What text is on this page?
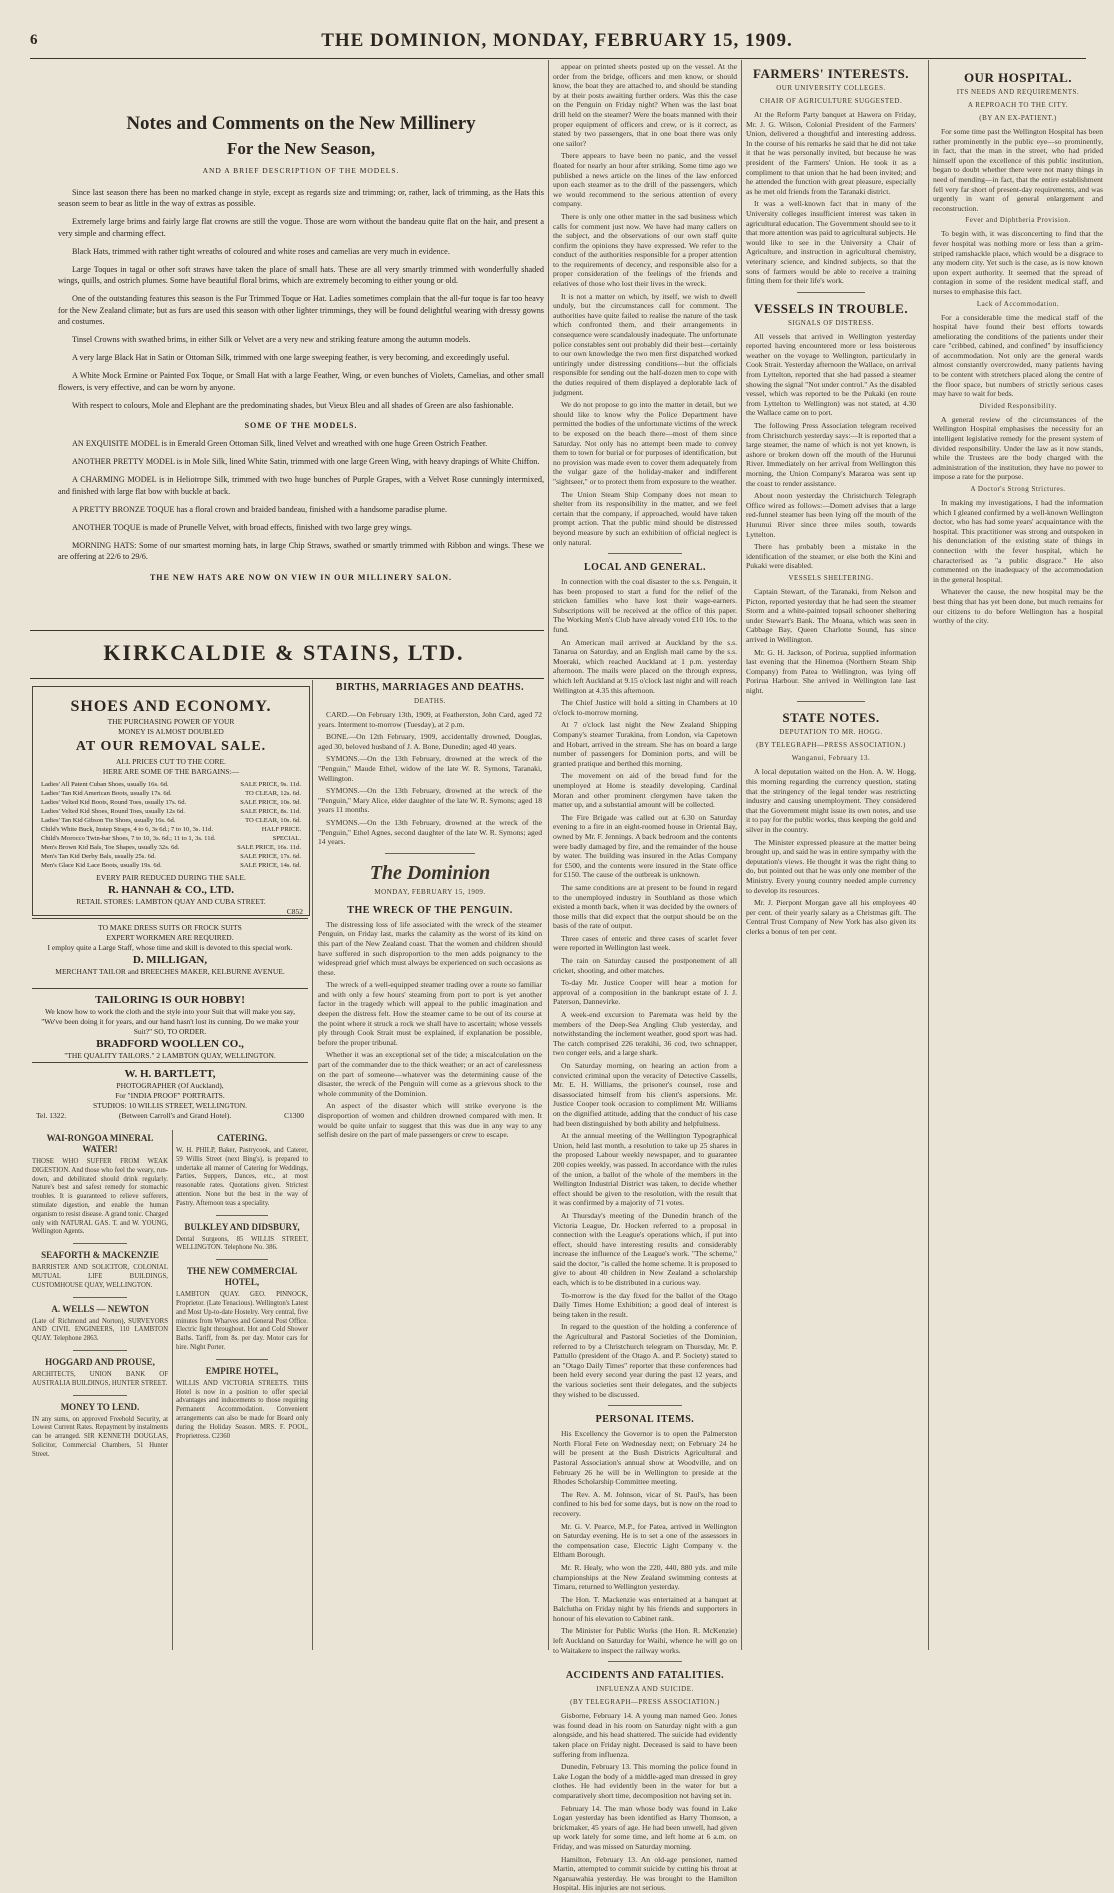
6	THE DOMINION, MONDAY, FEBRUARY 15, 1909.
Notes and Comments on the New Millinery
For the New Season,
AND A BRIEF DESCRIPTION OF THE MODELS.
Since last season there has been no marked change in style, except as regards size and trimming; or, rather, lack of trimming, as the Hats this season seem to bear as little in the way of extras as possible.
Extremely large brims and fairly large flat crowns are still the vogue. Those are worn without the bandeau quite flat on the hair, and present a very simple and charming effect.
Black Hats, trimmed with rather tight wreaths of coloured and white roses and camelias are very much in evidence.
Large Toques in tagal or other soft straws have taken the place of small hats. These are all very smartly trimmed with wonderfully shaded wings, quills, and ostrich plumes. Some have beautiful floral brims, which are extremely becoming to either young or old.
One of the outstanding features this season is the Fur Trimmed Toque or Hat. Ladies sometimes complain that the all-fur toque is far too heavy for the New Zealand climate; but as furs are used this season with other lighter trimmings, they will be found delightful wearing with dressy gowns and costumes.
Tinsel Crowns with swathed brims, in either Silk or Velvet are a very new and striking feature among the autumn models.
A very large Black Hat in Satin or Ottoman Silk, trimmed with one large sweeping feather, is very becoming, and exceedingly useful.
A White Mock Ermine or Painted Fox Toque, or Small Hat with a large Feather, Wing, or even bunches of Violets, Camelias, and other small flowers, is very effective, and can be worn by anyone.
With respect to colours, Mole and Elephant are the predominating shades, but Vieux Bleu and all shades of Green are also fashionable.
SOME OF THE MODELS.
AN EXQUISITE MODEL is in Emerald Green Ottoman Silk, lined Velvet and wreathed with one huge Green Ostrich Feather.
ANOTHER PRETTY MODEL is in Mole Silk, lined White Satin, trimmed with one large Green Wing, with heavy drapings of White Chiffon.
A CHARMING MODEL is in Heliotrope Silk, trimmed with two huge bunches of Purple Grapes, with a Velvet Rose cunningly intermixed, and finished with large flat bow with buckle at back.
A PRETTY BRONZE TOQUE has a floral crown and braided bandeau, finished with a handsome paradise plume.
ANOTHER TOQUE is made of Prunelle Velvet, with broad effects, finished with two large grey wings.
MORNING HATS: Some of our smartest morning hats, in large Chip Straws, swathed or smartly trimmed with Ribbon and wings. These we are offering at 22/6 to 29/6.
THE NEW HATS ARE NOW ON VIEW IN OUR MILLINERY SALON.
KIRKCALDIE & STAINS, LTD.
SHOES AND ECONOMY.
THE PURCHASING POWER OF YOUR
MONEY IS ALMOST DOUBLED
AT OUR REMOVAL SALE.
ALL PRICES CUT TO THE CORE.
HERE ARE SOME OF THE BARGAINS:—
Ladies' All Patent Cuban Shoes, usually 16s. 6d.	SALE PRICE, 9s. 11d.
Ladies' Tan Kid American Boots, usually 17s. 6d.	TO CLEAR, 12s. 6d.
Ladies' Velted Kid Boots, Round Toes, usually 17s. 6d.	SALE PRICE, 10s. 9d.
Ladies' Velted Kid Shoes, Round Toes, usually 12s 6d.	SALE PRICE, 8s. 11d.
Ladies' Tan Kid Gibson Tie Shoes, usually 16s. 6d.	TO CLEAR, 10s. 6d.
Child's White Buck, Instep Straps, 4 to 6, 3s 6d.; 7 to 10, 3s. 11d.	HALF PRICE.
Child's Morocco Twin-bar Shoes, 7 to 10, 3s. 6d.; 11 to 1, 3s. 11d.	SPECIAL.
Men's Brown Kid Bals, Toe Shapes, usually 32s. 6d.	SALE PRICE, 16s. 11d.
Men's Tan Kid Derby Bals, usually 25s. 6d.	SALE PRICE, 17s. 6d.
Men's Glace Kid Lace Boots, usually 19s. 6d.	SALE PRICE, 14s. 6d.
EVERY PAIR REDUCED DURING THE SALE.
R. HANNAH & CO., LTD.
RETAIL STORES: LAMBTON QUAY AND CUBA STREET.
C852
TO MAKE DRESS SUITS OR FROCK SUITS
EXPERT WORKMEN ARE REQUIRED.
I employ quite a Large Staff, whose time and skill is devoted to this special work.
D. MILLIGAN,
MERCHANT TAILOR and BREECHES MAKER, KELBURNE AVENUE.
TAILORING IS OUR HOBBY!
We know how to work the cloth and the style into your Suit that will make you say, "We've been doing it for years, and our hand hasn't lost its cunning. Do we make your Suit?" SO, TO ORDER.
BRADFORD WOOLLEN CO.,
"THE QUALITY TAILORS." 2 LAMBTON QUAY, WELLINGTON.
W. H. BARTLETT,
PHOTOGRAPHER (Of Auckland),
For "INDIA PROOF" PORTRAITS.
STUDIOS: 10 WILLIS STREET, WELLINGTON.
Tel. 1322.	(Between Carroll's and Grand Hotel).	C1300
WAI-RONGOA MINERAL WATER!
THOSE WHO SUFFER FROM WEAK DIGESTION. And those who feel the weary, run-down, and debilitated should drink regularly. Nature's best and safest remedy for stomachic troubles. It is guaranteed to relieve sufferers, stimulate digestion, and enable the human organism to resist disease. A grand tonic. Charged only with NATURAL GAS. T. and W. YOUNG, Wellington Agents.
SEAFORTH & MACKENZIE
BARRISTER AND SOLICITOR, COLONIAL MUTUAL LIFE BUILDINGS, CUSTOMHOUSE QUAY, WELLINGTON.
A. WELLS — NEWTON
(Late of Richmond and Norton), SURVEYORS AND CIVIL ENGINEERS, 110 LAMBTON QUAY. Telephone 2863.
HOGGARD AND PROUSE,
ARCHITECTS, UNION BANK OF AUSTRALIA BUILDINGS, HUNTER STREET.
MONEY TO LEND.
IN any sums, on approved Freehold Security, at Lowest Current Rates. Repayment by instalments can be arranged. SIR KENNETH DOUGLAS, Solicitor, Commercial Chambers, 51 Hunter Street.
CATERING.
W. H. PHILP, Baker, Pastrycook, and Caterer, 59 Willis Street (next Bing's), is prepared to undertake all manner of Catering for Weddings, Parties, Suppers, Dances, etc., at most reasonable rates. Quotations given. Strictest attention. None but the best in the way of Pastry. Afternoon teas a speciality.
BULKLEY AND DIDSBURY,
Dental Surgeons, 85 WILLIS STREET, WELLINGTON. Telephone No. 386.
THE NEW COMMERCIAL HOTEL,
LAMBTON QUAY. GEO. PINNOCK, Proprietor. (Late Tenacious). Wellington's Latest and Most Up-to-date Hostelry. Very central, five minutes from Wharves and General Post Office. Electric light throughout. Hot and Cold Shower Baths. Tariff, from 8s. per day. Motor cars for hire. Night Porter.
EMPIRE HOTEL,
WILLIS AND VICTORIA STREETS. THIS Hotel is now in a position to offer special advantages and inducements to those requiring Permanent Accommodation. Convenient arrangements can also be made for Board only during the Holiday Season. MRS. F. POOL, Proprietress. C2360
BIRTHS, MARRIAGES AND DEATHS.
DEATHS.

CARD.—On February 13th, 1909, at Featherston, John Card, aged 72 years. Interment to-morrow (Tuesday), at 2 p.m.

BONE.—On 12th February, 1909, accidentally drowned, Douglas, aged 30, beloved husband of J. A. Bone, Dunedin; aged 40 years.

SYMONS.—On the 13th February, drowned at the wreck of the "Penguin," Maude Ethel, widow of the late W. R. Symons, Taranaki, Wellington.

SYMONS.—On the 13th February, drowned at the wreck of the "Penguin," Mary Alice, elder daughter of the late W. R. Symons; aged 18 years 11 months.

SYMONS.—On the 13th February, drowned at the wreck of the "Penguin," Ethel Agnes, second daughter of the late W. R. Symons; aged 14 years.

The Dominion
MONDAY, FEBRUARY 15, 1909.
THE WRECK OF THE PENGUIN.

The distressing loss of life associated with the wreck of the steamer Penguin, on Friday last, marks the calamity as the worst of its kind on this part of the New Zealand coast. That the women and children should have suffered in such disproportion to the men adds poignancy to the widespread grief which must always be experienced on such occasions as these.

The wreck of a well-equipped steamer trading over a route so familiar and with only a few hours' steaming from port to port is yet another factor in the tragedy which will appeal to the public imagination and deepen the distress felt. How the steamer came to be out of its course at the point where it struck a rock we shall have to ascertain; whose vessels ply through Cook Strait must be explained, if explanation be possible, before the proper tribunal.

Whether it was an exceptional set of the tide; a miscalculation on the part of the commander due to the thick weather; or an act of carelessness on the part of someone—whatever was the determining cause of the disaster, the wreck of the Penguin will come as a grievous shock to the whole community of the Dominion.

An aspect of the disaster which will strike everyone is the disproportion of women and children drowned compared with men. It would be quite unfair to suggest that this was due in any way to any selfish desire on the part of male passengers or crew to escape.

appear on printed sheets posted up on the vessel. At the order from the bridge, officers and men know, or should know, the boat they are attached to, and should be standing by at their posts awaiting further orders. Was this the case on the Penguin on Friday night? When was the last boat drill held on the steamer? Were the boats manned with their proper equipment of officers and crew, or is it correct, as stated by two passengers, that in one boat there was only one sailor?

There appears to have been no panic, and the vessel floated for nearly an hour after striking. Some time ago we published a news article on the lines of the law enforced upon each steamer as to the drill of the passengers, which we would recommend to the serious attention of every company.

There is only one other matter in the sad business which calls for comment just now. We have had many callers on the subject, and the observations of our own staff quite confirm the opinions they have expressed. We refer to the conduct of the authorities responsible for a proper attention to the requirements of decency, and responsible also for a proper consideration of the feelings of the friends and relatives of those who lost their lives in the wreck.

It is not a matter on which, by itself, we wish to dwell unduly, but the circumstances call for comment. The authorities have quite failed to realise the nature of the task which confronted them, and their arrangements in consequence were scandalously inadequate. The unfortunate police constables sent out probably did their best—certainly to our own knowledge the two men first dispatched worked untiringly under distressing conditions—but the officials responsible for sending out the half-dozen men to cope with the duties required of them displayed a deplorable lack of judgment.

We do not propose to go into the matter in detail, but we should like to know why the Police Department have permitted the bodies of the unfortunate victims of the wreck to be exposed on the beach there—most of them since Saturday. Not only has no attempt been made to convey them to town for burial or for purposes of identification, but no provision was made even to cover them adequately from the vulgar gaze of the holiday-maker and indifferent "sightseer," or to protect them from exposure to the weather.

The Union Steam Ship Company does not mean to shelter from its responsibility in the matter, and we feel certain that the company, if approached, would have taken prompt action. That the public mind should be distressed beyond measure by such an exhibition of official neglect is only natural.

LOCAL AND GENERAL.

In connection with the coal disaster to the s.s. Penguin, it has been proposed to start a fund for the relief of the stricken families who have lost their wage-earners. Subscriptions will be received at the office of this paper. The Working Men's Club have already voted £10 10s. to the fund.

An American mail arrived at Auckland by the s.s. Tanarua on Saturday, and an English mail came by the s.s. Moeraki, which reached Auckland at 1 p.m. yesterday afternoon. The mails were placed on the through express, which left Auckland at 9.15 o'clock last night and will reach Wellington at 4.35 this afternoon.

The Chief Justice will hold a sitting in Chambers at 10 o'clock to-morrow morning.

At 7 o'clock last night the New Zealand Shipping Company's steamer Turakina, from London, via Capetown and Hobart, arrived in the stream. She has on board a large number of passengers for Dominion ports, and will be granted pratique and berthed this morning.

The movement on aid of the bread fund for the unemployed at Home is steadily developing. Cardinal Moran and other prominent clergymen have taken the matter up, and a substantial amount will be collected.

The Fire Brigade was called out at 6.30 on Saturday evening to a fire in an eight-roomed house in Oriental Bay, owned by Mr. F. Jennings. A back bedroom and the contents were badly damaged by fire, and the remainder of the house by water. The building was insured in the Atlas Company for £500, and the contents were insured in the State office for £150. The cause of the outbreak is unknown.

The same conditions are at present to be found in regard to the unemployed industry in Southland as those which existed a month back, when it was decided by the owners of those mills that did expect that the output should be on the basis of the rate of output.

Three cases of enteric and three cases of scarlet fever were reported in Wellington last week.

The rain on Saturday caused the postponement of all cricket, shooting, and other matches.

To-day Mr. Justice Cooper will hear a motion for approval of a composition in the bankrupt estate of J. J. Paterson, Dannevirke.

A week-end excursion to Paremata was held by the members of the Deep-Sea Angling Club yesterday, and notwithstanding the inclement weather, good sport was had. The catch comprised 226 terakihi, 36 cod, two schnapper, two conger eels, and a large shark.

On Saturday morning, on hearing an action from a convicted criminal upon the veracity of Detective Cassells, Mr. E. H. Williams, the prisoner's counsel, rose and disassociated himself from his client's aspersions. Mr. Justice Cooper took occasion to compliment Mr. Williams on the dignified attitude, adding that the conduct of his case had been distinguished by both ability and helpfulness.

At the annual meeting of the Wellington Typographical Union, held last month, a resolution to take up 25 shares in the proposed Labour weekly newspaper, and to guarantee 200 copies weekly, was passed. In accordance with the rules of the union, a ballot of the whole of the members in the Wellington Industrial District was taken, to decide whether effect should be given to the resolution, with the result that it was confirmed by a majority of 71 votes.

At Thursday's meeting of the Dunedin branch of the Victoria League, Dr. Hocken referred to a proposal in connection with the League's operations which, if put into effect, should have interesting results and considerably increase the influence of the League's work. "The scheme," said the doctor, "is called the home scheme. It is proposed to give to about 40 children in New Zealand a scholarship each, which is to be distributed in a curious way.

To-morrow is the day fixed for the ballot of the Otago Daily Times Home Exhibition; a good deal of interest is being taken in the result.

In regard to the question of the holding a conference of the Agricultural and Pastoral Societies of the Dominion, referred to by a Christchurch telegram on Thursday, Mr. P. Pattullo (president of the Otago A. and P. Society) stated to an "Otago Daily Times" reporter that these conferences had been held every second year during the past 12 years, and the various societies sent their delegates, and the subjects they wished to be discussed.

PERSONAL ITEMS.

His Excellency the Governor is to open the Palmerston North Floral Fete on Wednesday next; on February 24 he will be present at the Bush Districts Agricultural and Pastoral Association's annual show at Woodville, and on February 26 he will be in Wellington to preside at the Rhodes Scholarship Committee meeting.

The Rev. A. M. Johnson, vicar of St. Paul's, has been confined to his bed for some days, but is now on the road to recovery.

Mr. G. V. Pearce, M.P., for Patea, arrived in Wellington on Saturday evening. He is to set a one of the assessors in the compensation case, Electric Light Company v. the Eltham Borough.

Mr. R. Healy, who won the 220, 440, 880 yds. and mile championships at the New Zealand swimming contests at Timaru, returned to Wellington yesterday.

The Hon. T. Mackenzie was entertained at a banquet at Balclutha on Friday night by his friends and supporters in honour of his elevation to Cabinet rank.

The Minister for Public Works (the Hon. R. McKenzie) left Auckland on Saturday for Waihi, whence he will go on to Waitakere to inspect the railway works.

ACCIDENTS AND FATALITIES.
INFLUENZA AND SUICIDE.
(BY TELEGRAPH—PRESS ASSOCIATION.)

Gisborne, February 14. A young man named Geo. Jones was found dead in his room on Saturday night with a gun alongside, and his head shattered. The suicide had evidently taken place on Friday night. Deceased is said to have been suffering from influenza.

Dunedin, February 13. This morning the police found in Lake Logan the body of a middle-aged man dressed in grey clothes. He had evidently been in the water for but a comparatively short time, decomposition not having set in.

February 14. The man whose body was found in Lake Logan yesterday has been identified as Harry Thomson, a brickmaker, 45 years of age. He had been unwell, had given up work lately for some time, and left home at 6 a.m. on Friday, and was missed on Saturday morning.

Hamilton, February 13. An old-age pensioner, named Martin, attempted to commit suicide by cutting his throat at Ngaruawahia yesterday. He was brought to the Hamilton Hospital. His injuries are not serious.

FARMERS' INTERESTS.
OUR UNIVERSITY COLLEGES.
CHAIR OF AGRICULTURE SUGGESTED.

At the Reform Party banquet at Hawera on Friday, Mr. J. G. Wilson, Colonial President of the Farmers' Union, delivered a thoughtful and interesting address. In the course of his remarks he said that he did not take it that he was personally invited, but because he was president of the Farmers' Union. He took it as a compliment to that union that he had been invited; and he attended the function with great pleasure, especially as he met old friends from the Taranaki district.

It was a well-known fact that in many of the University colleges insufficient interest was taken in agricultural education. The Government should see to it that more attention was paid to agricultural subjects. He would like to see in the University a Chair of Agriculture, and instruction in agricultural chemistry, veterinary science, and kindred subjects, so that the sons of farmers would be able to receive a training fitting them for their life's work.

VESSELS IN TROUBLE.
SIGNALS OF DISTRESS.

All vessels that arrived in Wellington yesterday reported having encountered more or less boisterous weather on the voyage to Wellington, particularly in Cook Strait. Yesterday afternoon the Wallace, on arrival from Lyttelton, reported that she had passed a steamer showing the signal "Not under control." As the disabled vessel, which was reported to be the Pukaki (en route from Lyttelton to Wellington) was not stated, at 4.30 the Wallace came on to port.

The following Press Association telegram received from Christchurch yesterday says:—It is reported that a large steamer, the name of which is not yet known, is ashore or broken down off the mouth of the Hurunui River. Immediately on her arrival from Wellington this morning, the Union Company's Mararoa was sent up the coast to render assistance.

About noon yesterday the Christchurch Telegraph Office wired as follows:—Domett advises that a large red-funnel steamer has been lying off the mouth of the Hurunui River since three miles south, towards Lyttelton.

There has probably been a mistake in the identification of the steamer, or else both the Kini and Pukaki were disabled.

VESSELS SHELTERING.

Captain Stewart, of the Taranaki, from Nelson and Picton, reported yesterday that he had seen the steamer Storm and a white-painted topsail schooner sheltering under Stewart's Bank. The Moana, which was seen in Cabbage Bay, Queen Charlotte Sound, has since arrived in Wellington.

Mr. G. H. Jackson, of Porirua, supplied information last evening that the Hinemoa (Northern Steam Ship Company) from Patea to Wellington, was lying off Porirua Harbour. She arrived in Wellington late last night.

STATE NOTES.
DEPUTATION TO MR. HOGG.
(BY TELEGRAPH—PRESS ASSOCIATION.)
Wanganui, February 13.

A local deputation waited on the Hon. A. W. Hogg, this morning regarding the currency question, stating that the stringency of the legal tender was restricting industry and causing unemployment. They considered that the Government might issue its own notes, and use it to pay for the public works, thus keeping the gold and silver in the country.

The Minister expressed pleasure at the matter being brought up, and said he was in entire sympathy with the deputation's views. He thought it was the right thing to do, but pointed out that he was only one member of the Ministry. Every young country needed ample currency to develop its resources.

Mr. J. Pierpont Morgan gave all his employees 40 per cent. of their yearly salary as a Christmas gift. The Central Trust Company of New York has also given its clerks a bonus of ten per cent.

OUR HOSPITAL.
ITS NEEDS AND REQUIREMENTS.
A REPROACH TO THE CITY.
(BY AN EX-PATIENT.)

For some time past the Wellington Hospital has been rather prominently in the public eye—so prominently, in fact, that the man in the street, who had prided himself upon the excellence of this public institution, began to doubt whether there were not many things in need of mending—in fact, that the entire establishment fell very far short of present-day requirements, and was urgently in want of general enlargement and reconstruction.

Fever and Diphtheria Provision.

To begin with, it was disconcerting to find that the fever hospital was nothing more or less than a grim-striped ramshackle place, which would be a disgrace to any modern city. Yet such is the case, as is now known upon expert authority. It seemed that the spread of contagion in some of the resident medical staff, and nurses to emphasise this fact.

Lack of Accommodation.

For a considerable time the medical staff of the hospital have found their best efforts towards ameliorating the conditions of the patients under their care "cribbed, cabined, and confined" by insufficiency of accommodation. Not only are the general wards almost constantly overcrowded, many patients having to be content with stretchers placed along the centre of the floor space, but numbers of strictly serious cases may have to wait for beds.

Divided Responsibility.

A general review of the circumstances of the Wellington Hospital emphasises the necessity for an intelligent legislative remedy for the present system of divided responsibility. Under the law as it now stands, while the Trustees are the body charged with the administration of the institution, they have no power to impose a rate for the purpose.

A Doctor's Strong Strictures.

In making my investigations, I had the information which I gleaned confirmed by a well-known Wellington doctor, who has had some years' acquaintance with the hospital. This practitioner was strong and outspoken in his denunciation of the existing state of things in connection with the fever hospital, which he characterised as "a public disgrace." He also commented on the inadequacy of the accommodation in the general hospital.

Whatever the cause, the new hospital may be the best thing that has yet been done, but much remains for our citizens to do before Wellington has a hospital worthy of the city.
